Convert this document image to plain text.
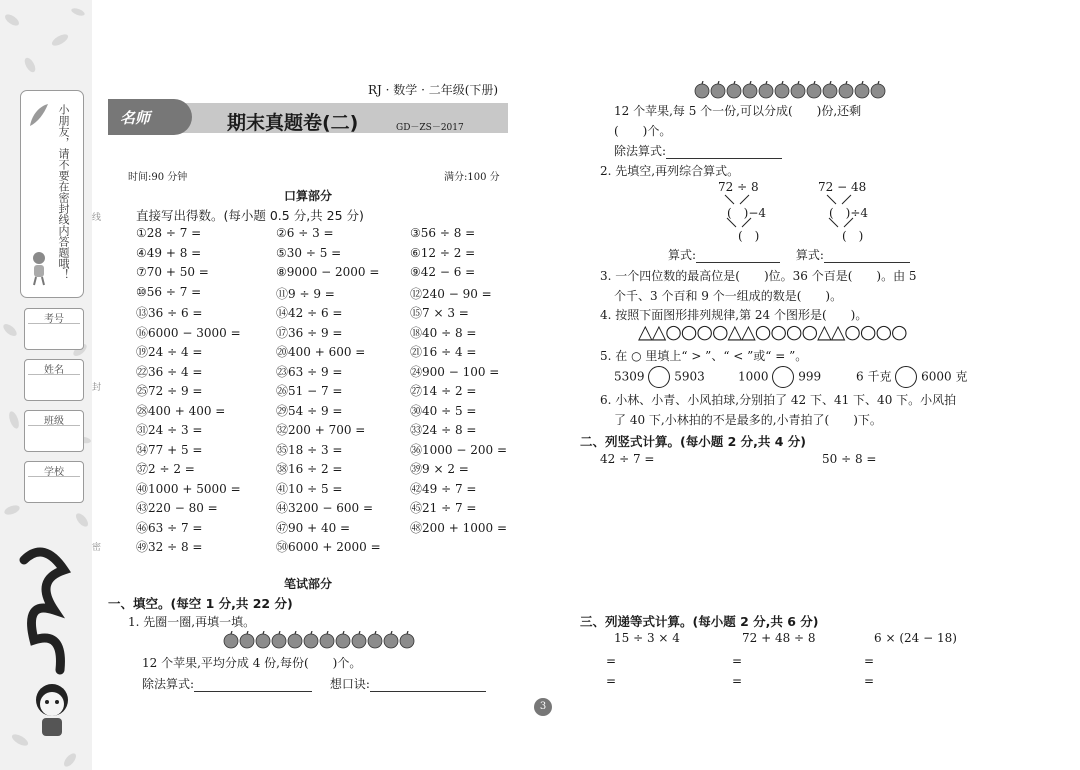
小朋友，请不要在密封线内答题哦！
考号
姓名
班级
学校
线
封
密
RJ · 数学 · 二年级(下册)
名师	期末真题卷(二)	GD－ZS－2017
时间:90 分钟	满分:100 分
口算部分
直接写出得数。(每小题 0.5 分,共 25 分)
①28 ÷ 7 =	②6 ÷ 3 =	③56 ÷ 8 =
④49 + 8 =	⑤30 ÷ 5 =	⑥12 ÷ 2 =
⑦70 + 50 =	⑧9000 − 2000 =	⑨42 − 6 =
⑩56 ÷ 7 =	⑪9 ÷ 9 =	⑫240 − 90 =
⑬36 ÷ 6 =	⑭42 ÷ 6 =	⑮7 × 3 =
⑯6000 − 3000 =	⑰36 ÷ 9 =	⑱40 ÷ 8 =
⑲24 ÷ 4 =	⑳400 + 600 =	㉑16 ÷ 4 =
㉒36 ÷ 4 =	㉓63 ÷ 9 =	㉔900 − 100 =
㉕72 ÷ 9 =	㉖51 − 7 =	㉗14 ÷ 2 =
㉘400 + 400 =	㉙54 ÷ 9 =	㉚40 ÷ 5 =
㉛24 ÷ 3 =	㉜200 + 700 =	㉝24 ÷ 8 =
㉞77 + 5 =	㉟18 ÷ 3 =	㊱1000 − 200 =
㊲2 ÷ 2 =	㊳16 ÷ 2 =	㊴9 × 2 =
㊵1000 + 5000 =	㊶10 ÷ 5 =	㊷49 ÷ 7 =
㊸220 − 80 =	㊹3200 − 600 =	㊺21 ÷ 7 =
㊻63 ÷ 7 =	㊼90 + 40 =	㊽200 + 1000 =
㊾32 ÷ 8 =	㊿6000 + 2000 =
笔试部分
一、填空。(每空 1 分,共 22 分)
1. 先圈一圈,再填一填。
12 个苹果,平均分成 4 份,每份(　　)个。
除法算式:	想口诀:
12 个苹果,每 5 个一份,可以分成(　　)份,还剩
(　　)个。
除法算式:
2. 先填空,再列综合算式。
72 ÷ 8
(　)−4
(　)
72 − 48
(　)÷4
(　)
算式:	算式:
3. 一个四位数的最高位是(　　)位。36 个百是(　　)。由 5
个千、3 个百和 9 个一组成的数是(　　)。
4. 按照下面图形排列规律,第 24 个图形是(　　)。
△△○○○○△△○○○○△△○○○○
5. 在 ○ 里填上“ > ”、“ < ”或“ = ”。
5309 5903	1000 999	6 千克 6000 克
6. 小林、小青、小风拍球,分别拍了 42 下、41 下、40 下。小风拍
了 40 下,小林拍的不是最多的,小青拍了(　　)下。
二、列竖式计算。(每小题 2 分,共 4 分)
42 ÷ 7 =	50 ÷ 8 =
三、列递等式计算。(每小题 2 分,共 6 分)
15 ÷ 3 × 4	72 + 48 ÷ 8	6 × (24 − 18)
=	=	=
=	=	=
3
